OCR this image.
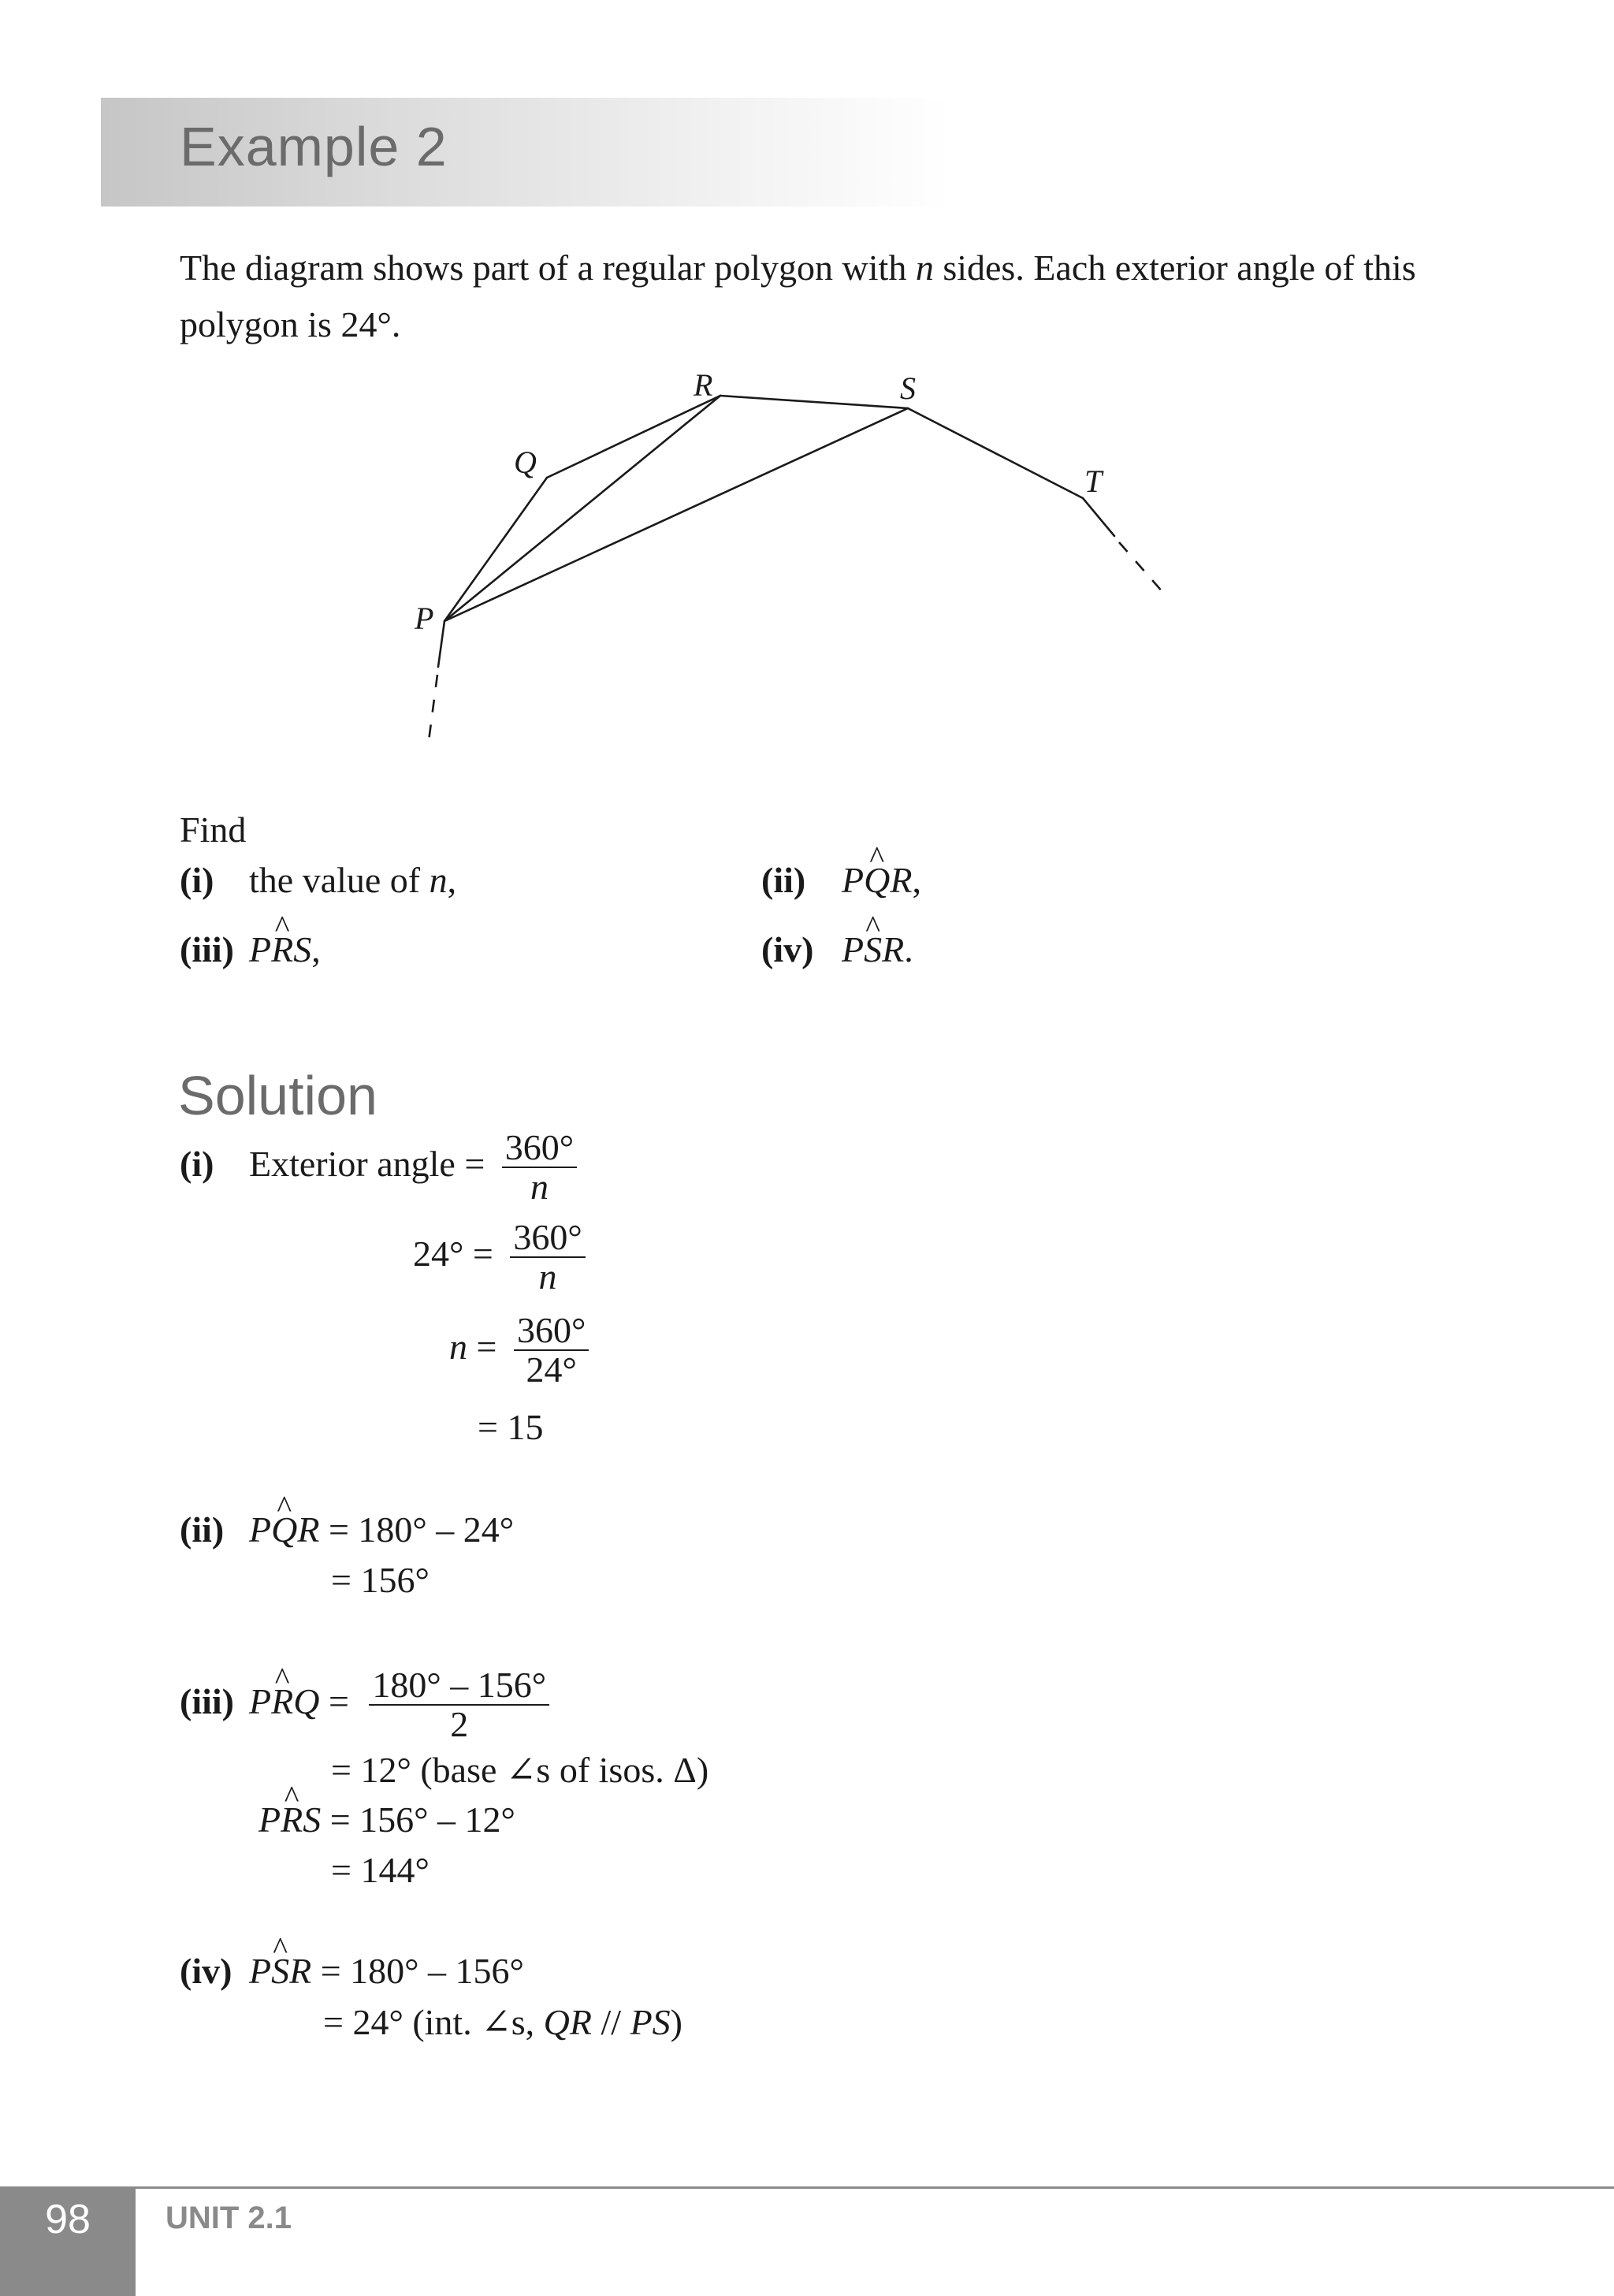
Example 2
The diagram shows part of a regular polygon with n sides. Each exterior angle of this polygon is 24°.
P
Q
R	S
T
Find
(i) the value of n,	(ii) P^ QR,
(iii) P^ RS,	(iv) P^ SR.
Solution
(i) Exterior angle = $\frac{360^\circ}{n}$
$24^\circ = \frac{360^\circ}{n}$
$n = \frac{360^\circ}{24^\circ}$
= 15
(ii) P^ QR = 180° – 24°
= 156°
(iii) P^ RQ = $\frac{180^\circ - 156^\circ}{2}$
= 12° (base ∠s of isos. Δ)
P^ RS = 156° – 12°
= 144°
(iv) P^ SR = 180° – 156°
= 24° (int. ∠s, QR // PS)
98	UNIT 2.1
